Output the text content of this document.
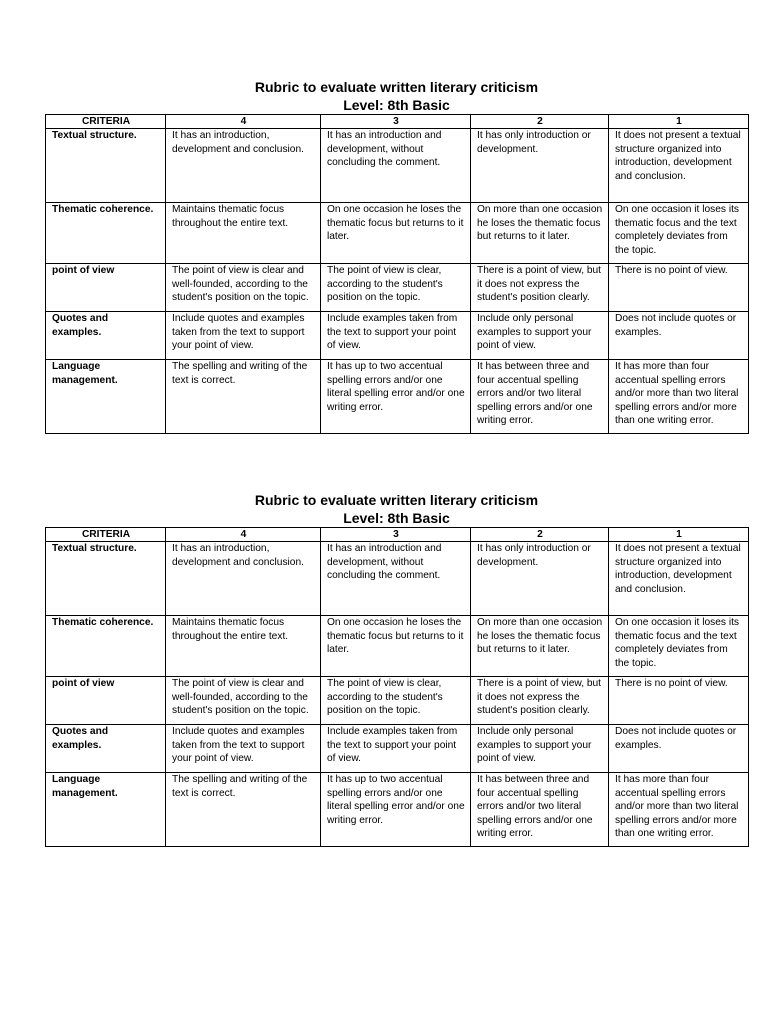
Rubric to evaluate written literary criticism

Level: 8th Basic

CRITERIA	4	3	2	1
Textual structure.	It has an introduction, development and conclusion.	It has an introduction and development, without concluding the comment.	It has only introduction or development.	It does not present a textual structure organized into introduction, development and conclusion.
Thematic coherence.	Maintains thematic focus throughout the entire text.	On one occasion he loses the thematic focus but returns to it later.	On more than one occasion he loses the thematic focus but returns to it later.	On one occasion it loses its thematic focus and the text completely deviates from the topic.
point of view	The point of view is clear and well-founded, according to the student's position on the topic.	The point of view is clear, according to the student's position on the topic.	There is a point of view, but it does not express the student's position clearly.	There is no point of view.
Quotes and examples.	Include quotes and examples taken from the text to support your point of view.	Include examples taken from the text to support your point of view.	Include only personal examples to support your point of view.	Does not include quotes or examples.
Language management.	The spelling and writing of the text is correct.	It has up to two accentual spelling errors and/or one literal spelling error and/or one writing error.	It has between three and four accentual spelling errors and/or two literal spelling errors and/or one writing error.	It has more than four accentual spelling errors and/or more than two literal spelling errors and/or more than one writing error.

Rubric to evaluate written literary criticism

Level: 8th Basic

CRITERIA	4	3	2	1
Textual structure.	It has an introduction, development and conclusion.	It has an introduction and development, without concluding the comment.	It has only introduction or development.	It does not present a textual structure organized into introduction, development and conclusion.
Thematic coherence.	Maintains thematic focus throughout the entire text.	On one occasion he loses the thematic focus but returns to it later.	On more than one occasion he loses the thematic focus but returns to it later.	On one occasion it loses its thematic focus and the text completely deviates from the topic.
point of view	The point of view is clear and well-founded, according to the student's position on the topic.	The point of view is clear, according to the student's position on the topic.	There is a point of view, but it does not express the student's position clearly.	There is no point of view.
Quotes and examples.	Include quotes and examples taken from the text to support your point of view.	Include examples taken from the text to support your point of view.	Include only personal examples to support your point of view.	Does not include quotes or examples.
Language management.	The spelling and writing of the text is correct.	It has up to two accentual spelling errors and/or one literal spelling error and/or one writing error.	It has between three and four accentual spelling errors and/or two literal spelling errors and/or one writing error.	It has more than four accentual spelling errors and/or more than two literal spelling errors and/or more than one writing error.
